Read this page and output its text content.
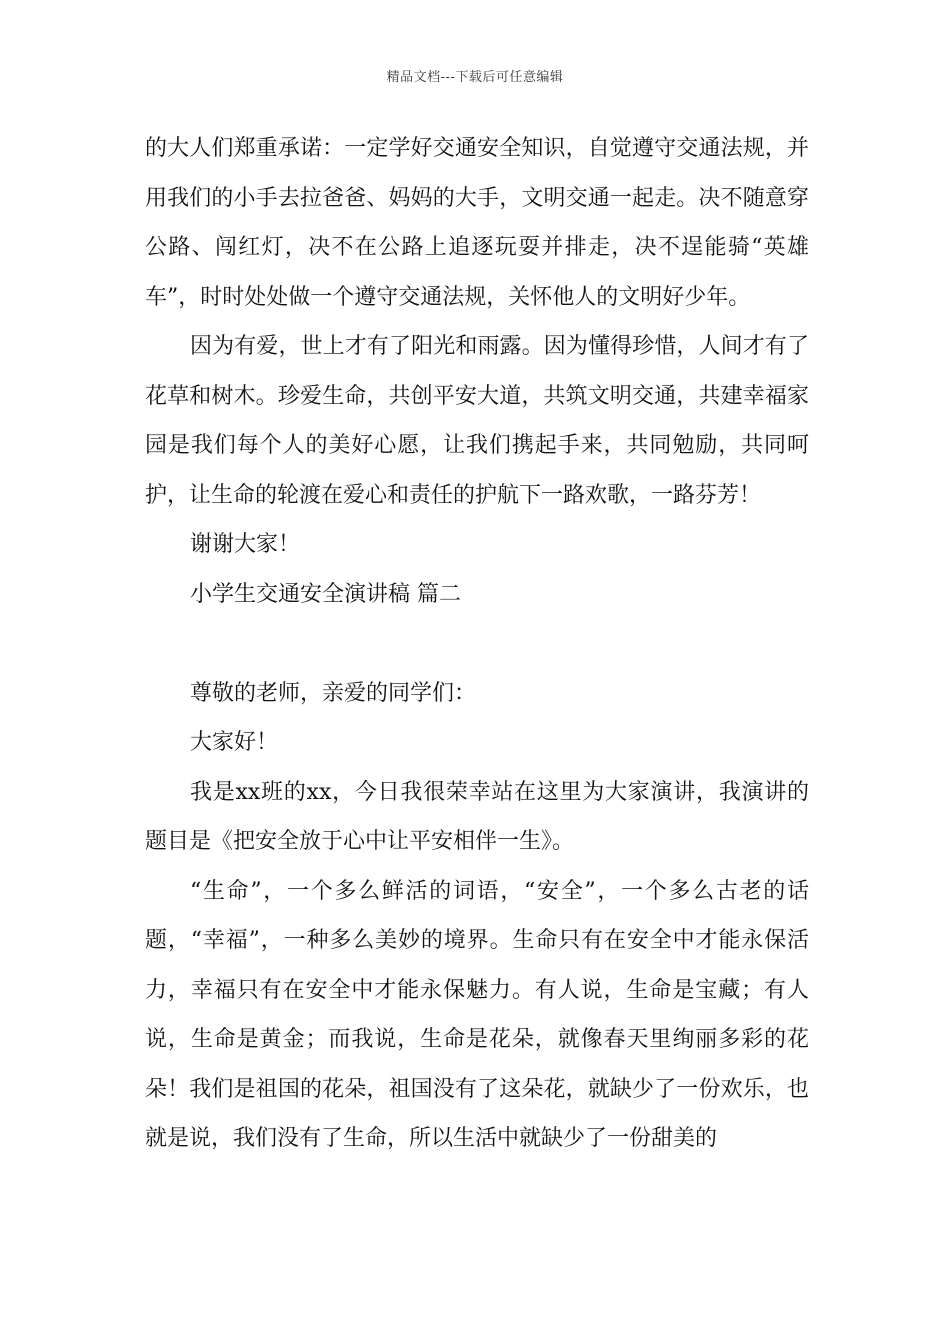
精品文档---下载后可任意编辑

的大人们郑重承诺：一定学好交通安全知识，自觉遵守交通法规，并用我们的小手去拉爸爸、妈妈的大手，文明交通一起走。决不随意穿公路、闯红灯，决不在公路上追逐玩耍并排走，决不逞能骑“英雄车”，时时处处做一个遵守交通法规，关怀他人的文明好少年。

因为有爱，世上才有了阳光和雨露。因为懂得珍惜，人间才有了花草和树木。珍爱生命，共创平安大道，共筑文明交通，共建幸福家园是我们每个人的美好心愿，让我们携起手来，共同勉励，共同呵护，让生命的轮渡在爱心和责任的护航下一路欢歌，一路芬芳！

谢谢大家！

小学生交通安全演讲稿 篇二

尊敬的老师，亲爱的同学们：

大家好！

我是xx班的xx，今日我很荣幸站在这里为大家演讲，我演讲的题目是《把安全放于心中让平安相伴一生》。

“生命”，一个多么鲜活的词语，“安全”，一个多么古老的话题，“幸福”，一种多么美妙的境界。生命只有在安全中才能永保活力，幸福只有在安全中才能永保魅力。有人说，生命是宝藏；有人说，生命是黄金；而我说，生命是花朵，就像春天里绚丽多彩的花朵！我们是祖国的花朵，祖国没有了这朵花，就缺少了一份欢乐，也就是说，我们没有了生命，所以生活中就缺少了一份甜美的
